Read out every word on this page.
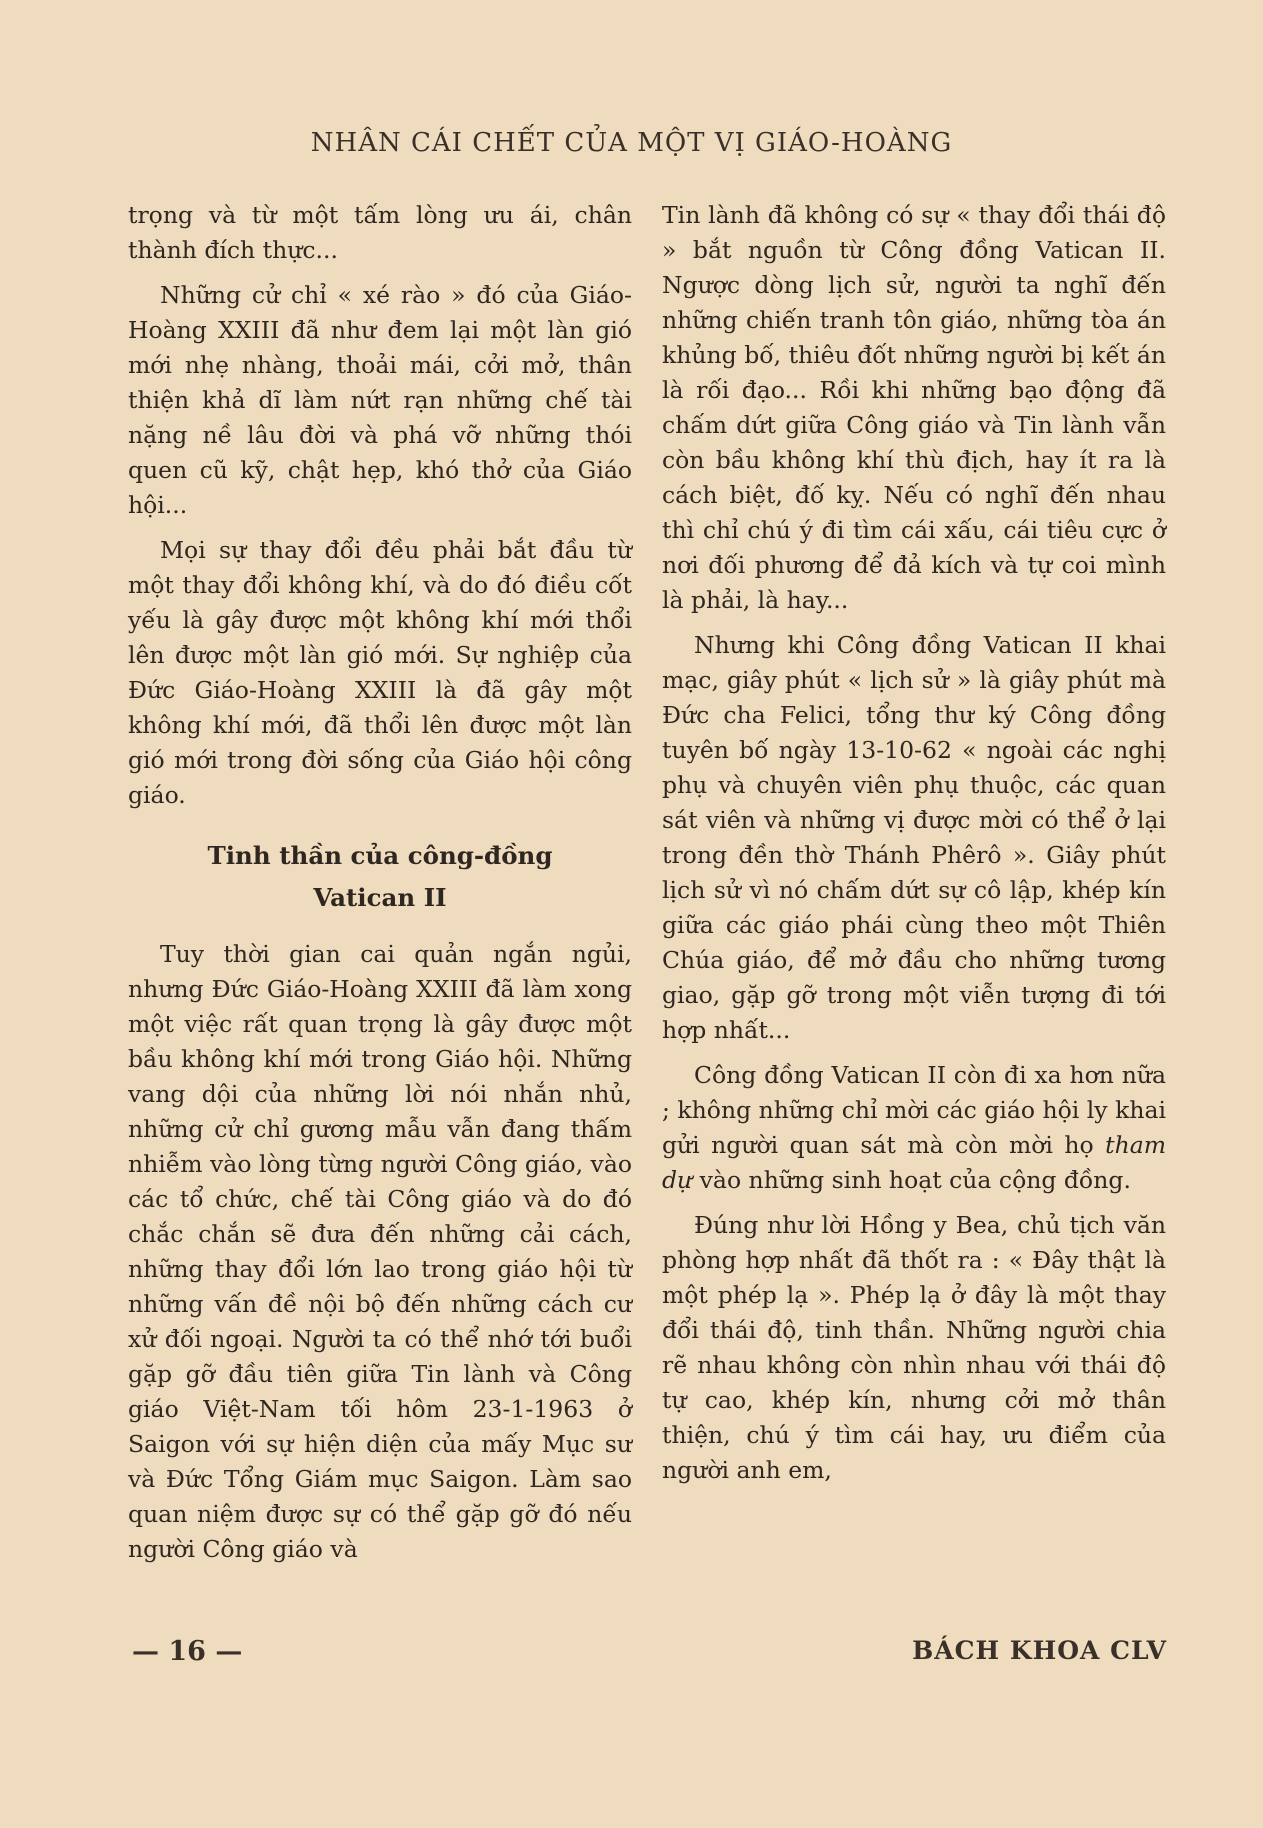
NHÂN CÁI CHẾT CỦA MỘT VỊ GIÁO-HOÀNG

trọng và từ một tấm lòng ưu ái, chân thành đích thực...

Những cử chỉ « xé rào » đó của Giáo-Hoàng XXIII đã như đem lại một làn gió mới nhẹ nhàng, thoải mái, cởi mở, thân thiện khả dĩ làm nứt rạn những chế tài nặng nề lâu đời và phá vỡ những thói quen cũ kỹ, chật hẹp, khó thở của Giáo hội...

Mọi sự thay đổi đều phải bắt đầu từ một thay đổi không khí, và do đó điều cốt yếu là gây được một không khí mới thổi lên được một làn gió mới. Sự nghiệp của Đức Giáo-Hoàng XXIII là đã gây một không khí mới, đã thổi lên được một làn gió mới trong đời sống của Giáo hội công giáo.

Tinh thần của công-đồng
Vatican II

Tuy thời gian cai quản ngắn ngủi, nhưng Đức Giáo-Hoàng XXIII đã làm xong một việc rất quan trọng là gây được một bầu không khí mới trong Giáo hội. Những vang dội của những lời nói nhắn nhủ, những cử chỉ gương mẫu vẫn đang thấm nhiễm vào lòng từng người Công giáo, vào các tổ chức, chế tài Công giáo và do đó chắc chắn sẽ đưa đến những cải cách, những thay đổi lớn lao trong giáo hội từ những vấn đề nội bộ đến những cách cư xử đối ngoại. Người ta có thể nhớ tới buổi gặp gỡ đầu tiên giữa Tin lành và Công giáo Việt-Nam tối hôm 23-1-1963 ở Saigon với sự hiện diện của mấy Mục sư và Đức Tổng Giám mục Saigon. Làm sao quan niệm được sự có thể gặp gỡ đó nếu người Công giáo và

Tin lành đã không có sự « thay đổi thái độ » bắt nguồn từ Công đồng Vatican II. Ngược dòng lịch sử, người ta nghĩ đến những chiến tranh tôn giáo, những tòa án khủng bố, thiêu đốt những người bị kết án là rối đạo... Rồi khi những bạo động đã chấm dứt giữa Công giáo và Tin lành vẫn còn bầu không khí thù địch, hay ít ra là cách biệt, đố kỵ. Nếu có nghĩ đến nhau thì chỉ chú ý đi tìm cái xấu, cái tiêu cực ở nơi đối phương để đả kích và tự coi mình là phải, là hay...

Nhưng khi Công đồng Vatican II khai mạc, giây phút « lịch sử » là giây phút mà Đức cha Felici, tổng thư ký Công đồng tuyên bố ngày 13-10-62 « ngoài các nghị phụ và chuyên viên phụ thuộc, các quan sát viên và những vị được mời có thể ở lại trong đền thờ Thánh Phêrô ». Giây phút lịch sử vì nó chấm dứt sự cô lập, khép kín giữa các giáo phái cùng theo một Thiên Chúa giáo, để mở đầu cho những tương giao, gặp gỡ trong một viễn tượng đi tới hợp nhất...

Công đồng Vatican II còn đi xa hơn nữa ; không những chỉ mời các giáo hội ly khai gửi người quan sát mà còn mời họ tham dự vào những sinh hoạt của cộng đồng.

Đúng như lời Hồng y Bea, chủ tịch văn phòng hợp nhất đã thốt ra : « Đây thật là một phép lạ ». Phép lạ ở đây là một thay đổi thái độ, tinh thần. Những người chia rẽ nhau không còn nhìn nhau với thái độ tự cao, khép kín, nhưng cởi mở thân thiện, chú ý tìm cái hay, ưu điểm của người anh em,

— 16 —	BÁCH KHOA CLV
